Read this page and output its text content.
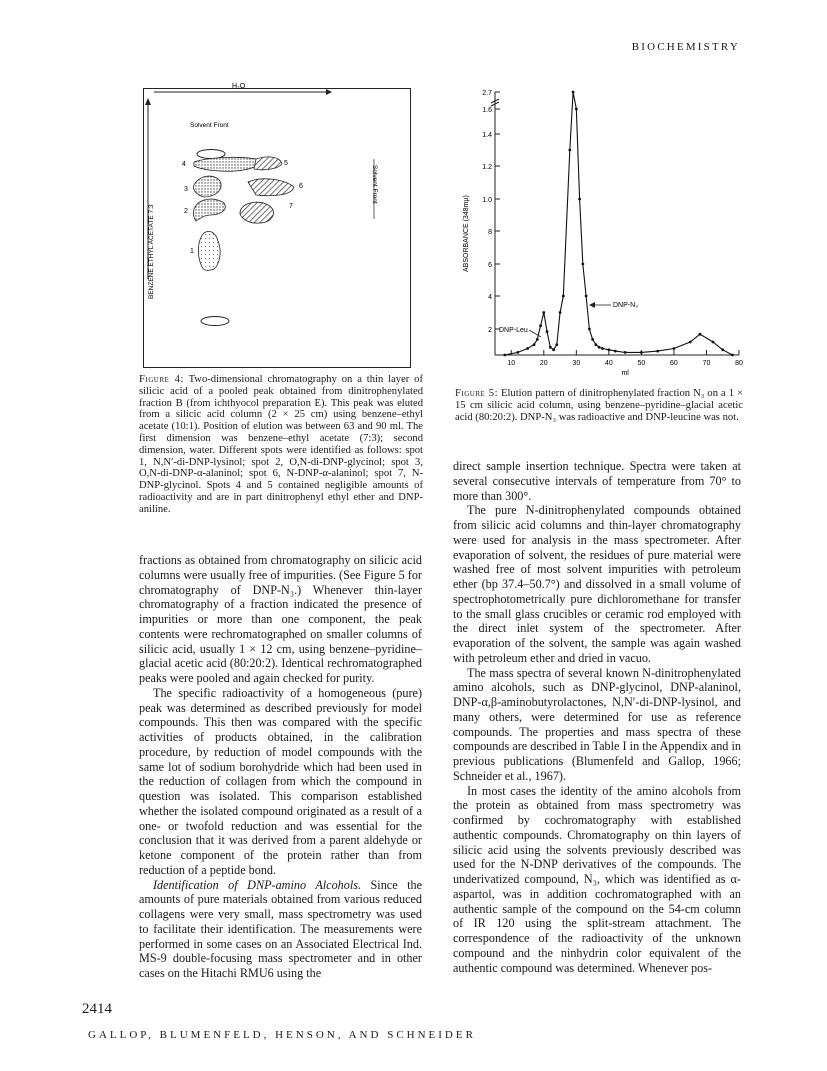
BIOCHEMISTRY
H₂O
Solvent Front
BENZENE ETHYL ACETATE 7:3
Solvent Front
4	5
3	6
2
7
1
Figure 4: Two-dimensional chromatography on a thin layer of silicic acid of a pooled peak obtained from dinitrophenylated fraction B (from ichthyocol preparation E). This peak was eluted from a silicic acid column (2 × 25 cm) using benzene–ethyl acetate (10:1). Position of elution was between 63 and 90 ml. The first dimension was benzene–ethyl acetate (7:3); second dimension, water. Different spots were identified as follows: spot 1, N,N′-di-DNP-lysinol; spot 2, O,N-di-DNP-glycinol; spot 3, O,N-di-DNP-α-alaninol; spot 6, N-DNP-α-alaninol; spot 7, N-DNP-glycinol. Spots 4 and 5 contained negligible amounts of radioactivity and are in part dinitrophenyl ethyl ether and DNP-aniline.
2
4
6
8
1.0
1.2
1.4
1.6
2.7
10	20	30	40	50	60	70	80
ml
ABSORBANCE (348mμ)
DNP-N₃
DNP-Leu
Figure 5: Elution pattern of dinitrophenylated fraction N₃ on a 1 × 15 cm silicic acid column, using benzene–pyridine–glacial acetic acid (80:20:2). DNP-N₃ was radioactive and DNP-leucine was not.

fractions as obtained from chromatography on silicic acid columns were usually free of impurities. (See Figure 5 for chromatography of DNP-N₃.) Whenever thin-layer chromatography of a fraction indicated the presence of impurities or more than one component, the peak contents were rechromatographed on smaller columns of silicic acid, usually 1 × 12 cm, using benzene–pyridine–glacial acetic acid (80:20:2). Identical rechromatographed peaks were pooled and again checked for purity.

The specific radioactivity of a homogeneous (pure) peak was determined as described previously for model compounds. This then was compared with the specific activities of products obtained, in the calibration procedure, by reduction of model compounds with the same lot of sodium borohydride which had been used in the reduction of collagen from which the compound in question was isolated. This comparison established whether the isolated compound originated as a result of a one- or twofold reduction and was essential for the conclusion that it was derived from a parent aldehyde or ketone component of the protein rather than from reduction of a peptide bond.

Identification of DNP-amino Alcohols. Since the amounts of pure materials obtained from various reduced collagens were very small, mass spectrometry was used to facilitate their identification. The measurements were performed in some cases on an Associated Electrical Ind. MS-9 double-focusing mass spectrometer and in other cases on the Hitachi RMU6 using the

direct sample insertion technique. Spectra were taken at several consecutive intervals of temperature from 70° to more than 300°.

The pure N-dinitrophenylated compounds obtained from silicic acid columns and thin-layer chromatography were used for analysis in the mass spectrometer. After evaporation of solvent, the residues of pure material were washed free of most solvent impurities with petroleum ether (bp 37.4–50.7°) and dissolved in a small volume of spectrophotometrically pure dichloromethane for transfer to the small glass crucibles or ceramic rod employed with the direct inlet system of the spectrometer. After evaporation of the solvent, the sample was again washed with petroleum ether and dried in vacuo.

The mass spectra of several known N-dinitrophenylated amino alcohols, such as DNP-glycinol, DNP-alaninol, DNP-α,β-aminobutyrolactones, N,N′-di-DNP-lysinol, and many others, were determined for use as reference compounds. The properties and mass spectra of these compounds are described in Table I in the Appendix and in previous publications (Blumenfeld and Gallop, 1966; Schneider et al., 1967).

In most cases the identity of the amino alcohols from the protein as obtained from mass spectrometry was confirmed by cochromatography with established authentic compounds. Chromatography on thin layers of silicic acid using the solvents previously described was used for the N-DNP derivatives of the compounds. The underivatized compound, N₃, which was identified as α-aspartol, was in addition cochromatographed with an authentic sample of the compound on the 54-cm column of IR 120 using the split-stream attachment. The correspondence of the radioactivity of the unknown compound and the ninhydrin color equivalent of the authentic compound was determined. Whenever pos-

2414
GALLOP, BLUMENFELD, HENSON, AND SCHNEIDER
